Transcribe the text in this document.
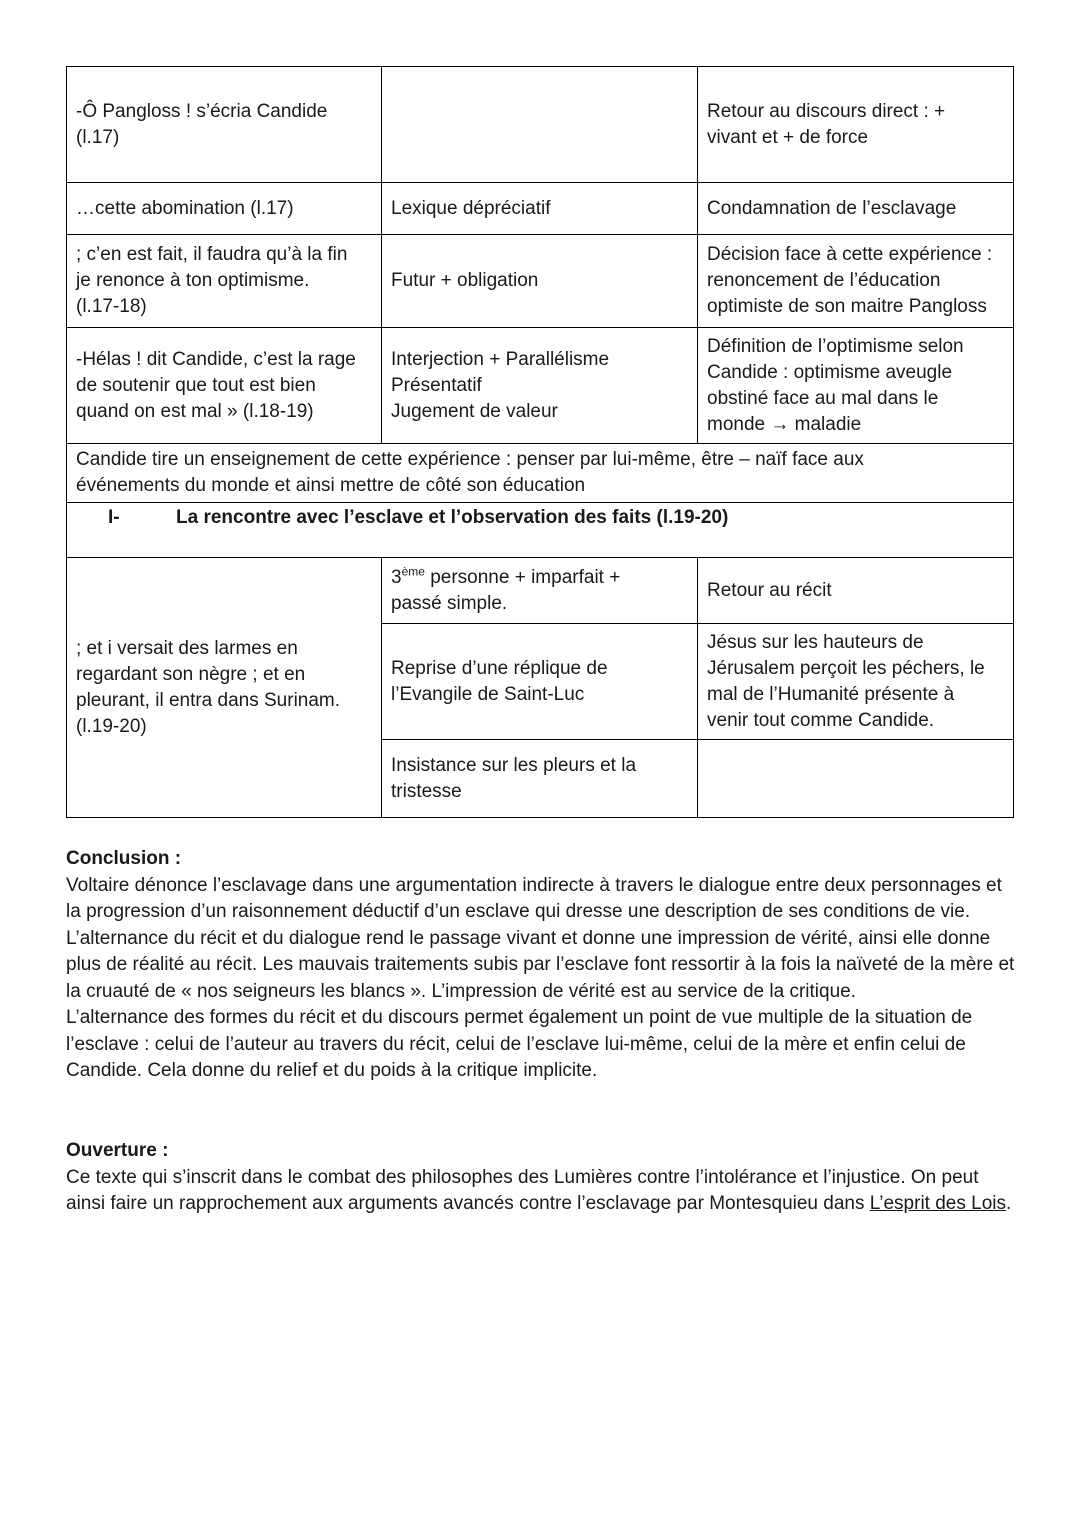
-Ô Pangloss ! s’écria Candide
(l.17)		Retour au discours direct : +
vivant et + de force
…cette abomination (l.17)	Lexique dépréciatif	Condamnation de l’esclavage
; c’en est fait, il faudra qu’à la fin
je renonce à ton optimisme.
(l.17-18)	Futur + obligation	Décision face à cette expérience :
renoncement de l’éducation
optimiste de son maitre Pangloss
-Hélas ! dit Candide, c’est la rage
de soutenir que tout est bien
quand on est mal » (l.18-19)	Interjection + Parallélisme
Présentatif
Jugement de valeur	Définition de l’optimisme selon
Candide : optimisme aveugle
obstiné face au mal dans le
monde → maladie
Candide tire un enseignement de cette expérience : penser par lui-même, être – naïf face aux
événements du monde et ainsi mettre de côté son éducation		
I- La rencontre avec l’esclave et l’observation des faits (l.19-20)		
; et i versait des larmes en
regardant son nègre ; et en
pleurant, il entra dans Surinam.
(l.19-20)	3ème personne + imparfait +
passé simple.	Retour au récit
	Reprise d’une réplique de
l’Evangile de Saint-Luc	Jésus sur les hauteurs de
Jérusalem perçoit les péchers, le
mal de l’Humanité présente à
venir tout comme Candide.
	Insistance sur les pleurs et la
tristesse	
Conclusion :

Voltaire dénonce l’esclavage dans une argumentation indirecte à travers le dialogue entre deux personnages et la progression d’un raisonnement déductif d’un esclave qui dresse une description de ses conditions de vie. L’alternance du récit et du dialogue rend le passage vivant et donne une impression de vérité, ainsi elle donne plus de réalité au récit. Les mauvais traitements subis par l’esclave font ressortir à la fois la naïveté de la mère et la cruauté de « nos seigneurs les blancs ». L’impression de vérité est au service de la critique.

L’alternance des formes du récit et du discours permet également un point de vue multiple de la situation de l’esclave : celui de l’auteur au travers du récit, celui de l’esclave lui-même, celui de la mère et enfin celui de Candide. Cela donne du relief et du poids à la critique implicite.

Ouverture :

Ce texte qui s’inscrit dans le combat des philosophes des Lumières contre l’intolérance et l’injustice. On peut ainsi faire un rapprochement aux arguments avancés contre l’esclavage par Montesquieu dans L’esprit des Lois.
